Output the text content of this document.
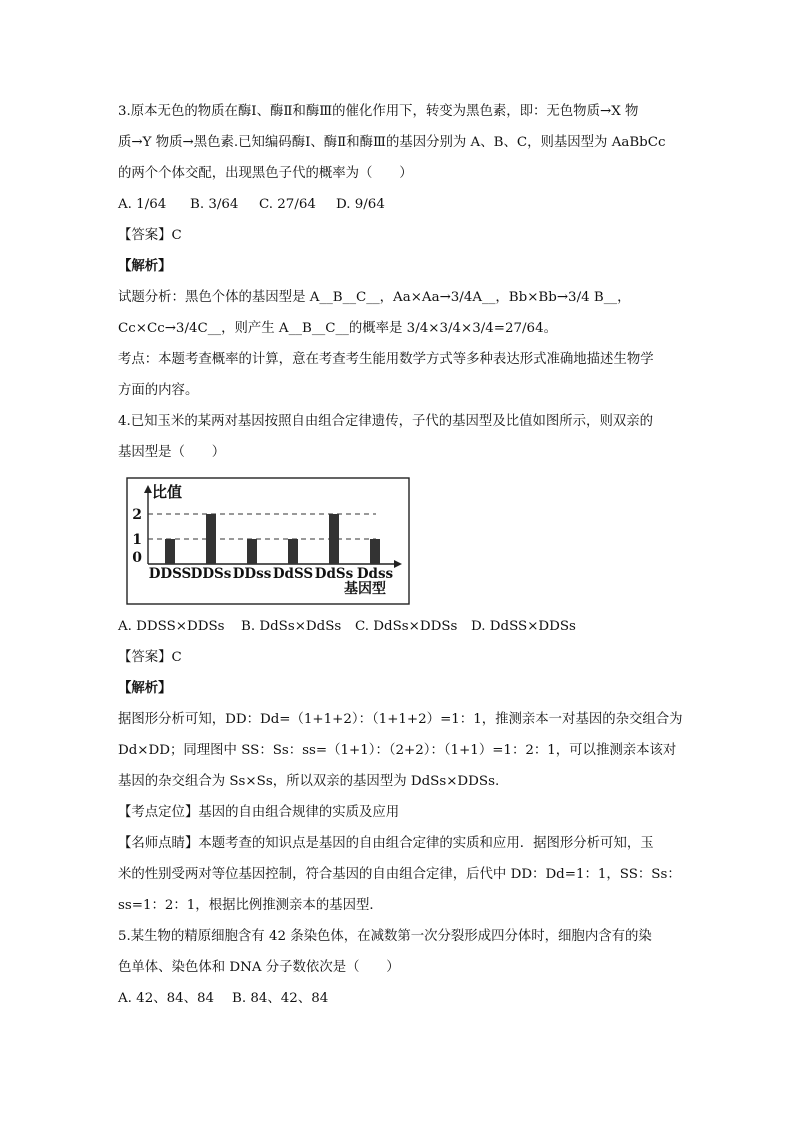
3.原本无色的物质在酶Ⅰ、酶Ⅱ和酶Ⅲ的催化作用下，转变为黑色素，即：无色物质→X 物

质→Y 物质→黑色素.已知编码酶Ⅰ、酶Ⅱ和酶Ⅲ的基因分别为 A、B、C，则基因型为 AaBbCc

的两个个体交配，出现黑色子代的概率为（　　）

A. 1/64	B. 3/64	C. 27/64	D. 9/64

【答案】C

【解析】

试题分析：黑色个体的基因型是 A__B__C__，Aa×Aa→3/4A__，Bb×Bb→3/4 B__，

Cc×Cc→3/4C__，则产生 A__B__C__的概率是 3/4×3/4×3/4=27/64。

考点：本题考查概率的计算，意在考查考生能用数学方式等多种表达形式准确地描述生物学

方面的内容。

4.已知玉米的某两对基因按照自由组合定律遗传，子代的基因型及比值如图所示，则双亲的

基因型是（　　）

比值
基因型
0
1
2
DDSS DDSs DDss DdSS DdSs Ddss
A. DDSS×DDSs	B. DdSs×DdSs	C. DdSs×DDSs	D. DdSS×DDSs

【答案】C

【解析】

据图形分析可知，DD：Dd=（1+1+2）：（1+1+2）=1：1，推测亲本一对基因的杂交组合为

Dd×DD；同理图中 SS：Ss：ss=（1+1）：（2+2）：（1+1）=1：2：1，可以推测亲本该对

基因的杂交组合为 Ss×Ss，所以双亲的基因型为 DdSs×DDSs.

【考点定位】基因的自由组合规律的实质及应用

【名师点睛】本题考查的知识点是基因的自由组合定律的实质和应用．据图形分析可知，玉

米的性别受两对等位基因控制，符合基因的自由组合定律，后代中 DD：Dd=1：1，SS：Ss：

ss=1：2：1，根据比例推测亲本的基因型．

5.某生物的精原细胞含有 42 条染色体，在减数第一次分裂形成四分体时，细胞内含有的染

色单体、染色体和 DNA 分子数依次是（　　）

A. 42、84、84	B. 84、42、84
